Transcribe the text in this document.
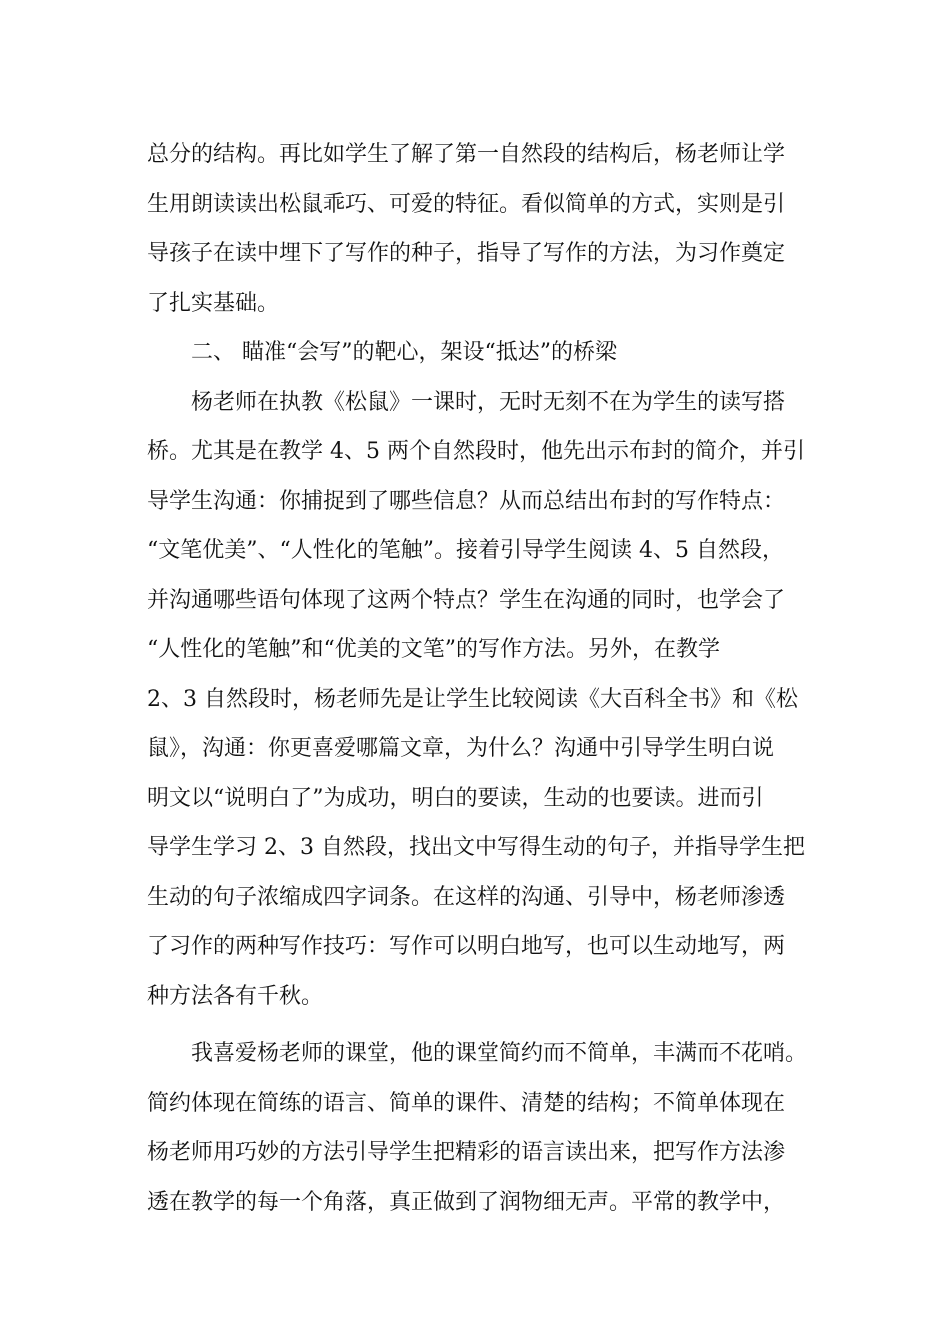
总分的结构。再比如学生了解了第一自然段的结构后，杨老师让学
生用朗读读出松鼠乖巧、可爱的特征。看似简单的方式，实则是引
导孩子在读中埋下了写作的种子，指导了写作的方法，为习作奠定
了扎实基础。
二、 瞄准“会写”的靶心，架设“抵达”的桥梁
杨老师在执教《松鼠》一课时，无时无刻不在为学生的读写搭
桥。尤其是在教学 4、5 两个自然段时，他先出示布封的简介，并引
导学生沟通：你捕捉到了哪些信息？从而总结出布封的写作特点：
“文笔优美”、“人性化的笔触”。接着引导学生阅读 4、5 自然段，
并沟通哪些语句体现了这两个特点？学生在沟通的同时，也学会了
“人性化的笔触”和“优美的文笔”的写作方法。另外，在教学
2、3 自然段时，杨老师先是让学生比较阅读《大百科全书》和《松
鼠》，沟通：你更喜爱哪篇文章，为什么？沟通中引导学生明白说
明文以“说明白了”为成功，明白的要读，生动的也要读。进而引
导学生学习 2、3 自然段，找出文中写得生动的句子，并指导学生把
生动的句子浓缩成四字词条。在这样的沟通、引导中，杨老师渗透
了习作的两种写作技巧：写作可以明白地写，也可以生动地写，两
种方法各有千秋。
我喜爱杨老师的课堂，他的课堂简约而不简单，丰满而不花哨。
简约体现在简练的语言、简单的课件、清楚的结构；不简单体现在
杨老师用巧妙的方法引导学生把精彩的语言读出来，把写作方法渗
透在教学的每一个角落，真正做到了润物细无声。平常的教学中，
